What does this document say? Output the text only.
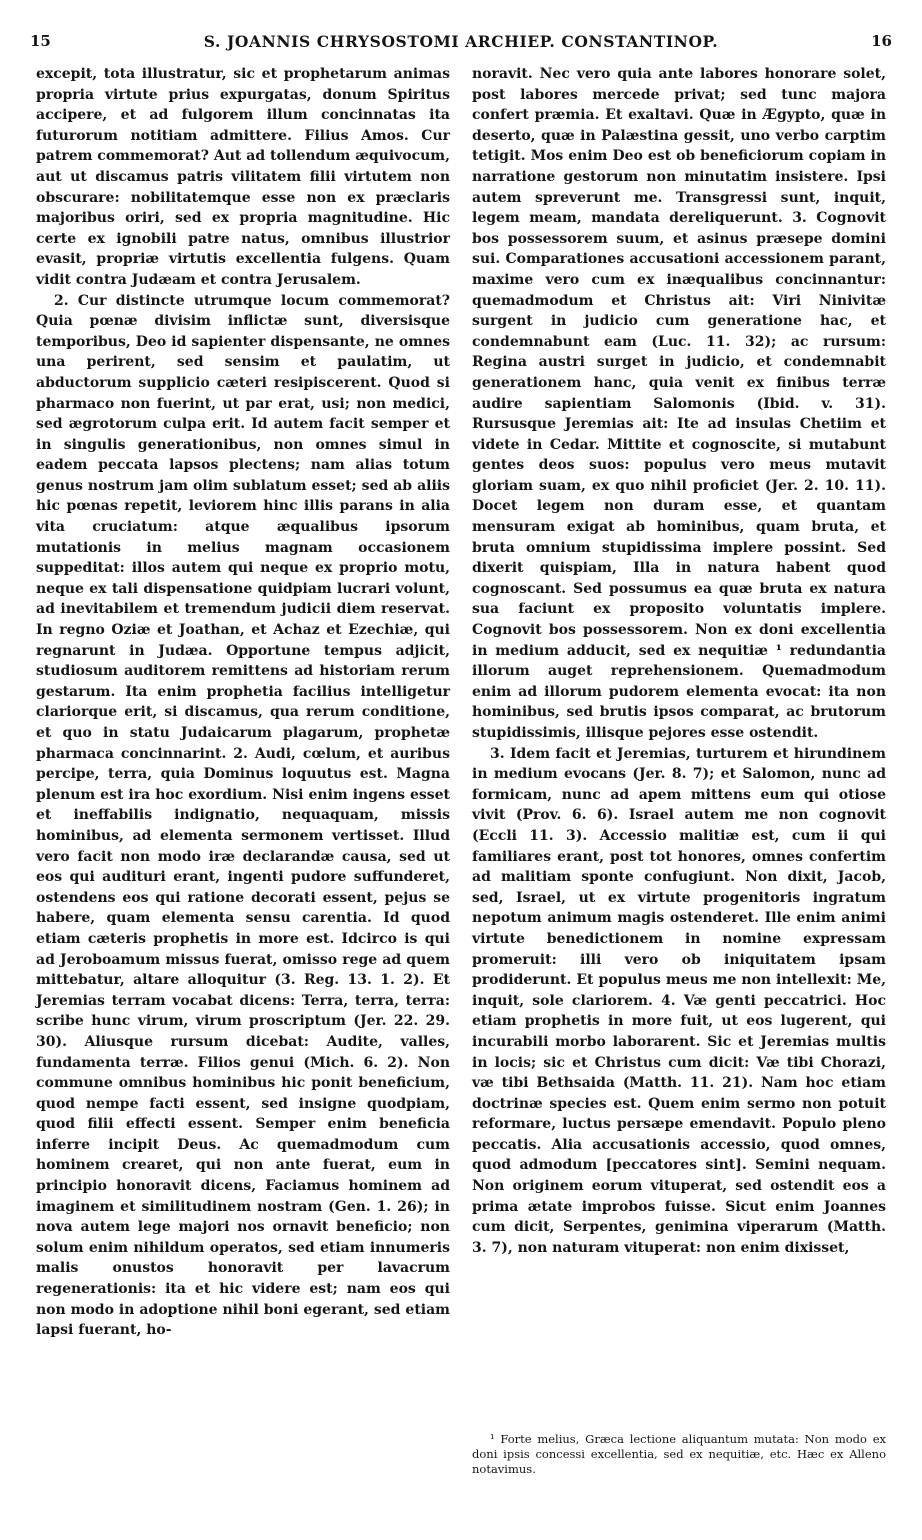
15	S. JOANNIS CHRYSOSTOMI ARCHIEP. CONSTANTINOP.	16

excepit, tota illustratur, sic et prophetarum animas propria virtute prius expurgatas, donum Spiritus accipere, et ad fulgorem illum concinnatas ita futurorum notitiam admittere. Filius Amos. Cur patrem commemorat? Aut ad tollendum æquivocum, aut ut discamus patris vilitatem filii virtutem non obscurare: nobilitatemque esse non ex præclaris majoribus oriri, sed ex propria magnitudine. Hic certe ex ignobili patre natus, omnibus illustrior evasit, propriæ virtutis excellentia fulgens. Quam vidit contra Judæam et contra Jerusalem.

2. Cur distincte utrumque locum commemorat? Quia pœnæ divisim inflictæ sunt, diversisque temporibus, Deo id sapienter dispensante, ne omnes una perirent, sed sensim et paulatim, ut abductorum supplicio cæteri resipiscerent. Quod si pharmaco non fuerint, ut par erat, usi; non medici, sed ægrotorum culpa erit. Id autem facit semper et in singulis generationibus, non omnes simul in eadem peccata lapsos plectens; nam alias totum genus nostrum jam olim sublatum esset; sed ab aliis hic pœnas repetit, leviorem hinc illis parans in alia vita cruciatum: atque æqualibus ipsorum mutationis in melius magnam occasionem suppeditat: illos autem qui neque ex proprio motu, neque ex tali dispensatione quidpiam lucrari volunt, ad inevitabilem et tremendum judicii diem reservat. In regno Oziæ et Joathan, et Achaz et Ezechiæ, qui regnarunt in Judæa. Opportune tempus adjicit, studiosum auditorem remittens ad historiam rerum gestarum. Ita enim prophetia facilius intelligetur clariorque erit, si discamus, qua rerum conditione, et quo in statu Judaicarum plagarum, prophetæ pharmaca concinnarint. 2. Audi, cœlum, et auribus percipe, terra, quia Dominus loquutus est. Magna plenum est ira hoc exordium. Nisi enim ingens esset et ineffabilis indignatio, nequaquam, missis hominibus, ad elementa sermonem vertisset. Illud vero facit non modo iræ declarandæ causa, sed ut eos qui audituri erant, ingenti pudore suffunderet, ostendens eos qui ratione decorati essent, pejus se habere, quam elementa sensu carentia. Id quod etiam cæteris prophetis in more est. Idcirco is qui ad Jeroboamum missus fuerat, omisso rege ad quem mittebatur, altare alloquitur (3. Reg. 13. 1. 2). Et Jeremias terram vocabat dicens: Terra, terra, terra: scribe hunc virum, virum proscriptum (Jer. 22. 29. 30). Aliusque rursum dicebat: Audite, valles, fundamenta terræ. Filios genui (Mich. 6. 2). Non commune omnibus hominibus hic ponit beneficium, quod nempe facti essent, sed insigne quodpiam, quod filii effecti essent. Semper enim beneficia inferre incipit Deus. Ac quemadmodum cum hominem crearet, qui non ante fuerat, eum in principio honoravit dicens, Faciamus hominem ad imaginem et similitudinem nostram (Gen. 1. 26); in nova autem lege majori nos ornavit beneficio; non solum enim nihildum operatos, sed etiam innumeris malis onustos honoravit per lavacrum regenerationis: ita et hic videre est; nam eos qui non modo in adoptione nihil boni egerant, sed etiam lapsi fuerant, ho-

noravit. Nec vero quia ante labores honorare solet, post labores mercede privat; sed tunc majora confert præmia. Et exaltavi. Quæ in Ægypto, quæ in deserto, quæ in Palæstina gessit, uno verbo carptim tetigit. Mos enim Deo est ob beneficiorum copiam in narratione gestorum non minutatim insistere. Ipsi autem spreverunt me. Transgressi sunt, inquit, legem meam, mandata dereliquerunt. 3. Cognovit bos possessorem suum, et asinus præsepe domini sui. Comparationes accusationi accessionem parant, maxime vero cum ex inæqualibus concinnantur: quemadmodum et Christus ait: Viri Ninivitæ surgent in judicio cum generatione hac, et condemnabunt eam (Luc. 11. 32); ac rursum: Regina austri surget in judicio, et condemnabit generationem hanc, quia venit ex finibus terræ audire sapientiam Salomonis (Ibid. v. 31). Rursusque Jeremias ait: Ite ad insulas Chetiim et videte in Cedar. Mittite et cognoscite, si mutabunt gentes deos suos: populus vero meus mutavit gloriam suam, ex quo nihil proficiet (Jer. 2. 10. 11). Docet legem non duram esse, et quantam mensuram exigat ab hominibus, quam bruta, et bruta omnium stupidissima implere possint. Sed dixerit quispiam, Illa in natura habent quod cognoscant. Sed possumus ea quæ bruta ex natura sua faciunt ex proposito voluntatis implere. Cognovit bos possessorem. Non ex doni excellentia in medium adducit, sed ex nequitiæ ¹ redundantia illorum auget reprehensionem. Quemadmodum enim ad illorum pudorem elementa evocat: ita non hominibus, sed brutis ipsos comparat, ac brutorum stupidissimis, illisque pejores esse ostendit.

3. Idem facit et Jeremias, turturem et hirundinem in medium evocans (Jer. 8. 7); et Salomon, nunc ad formicam, nunc ad apem mittens eum qui otiose vivit (Prov. 6. 6). Israel autem me non cognovit (Eccli 11. 3). Accessio malitiæ est, cum ii qui familiares erant, post tot honores, omnes confertim ad malitiam sponte confugiunt. Non dixit, Jacob, sed, Israel, ut ex virtute progenitoris ingratum nepotum animum magis ostenderet. Ille enim animi virtute benedictionem in nomine expressam promeruit: illi vero ob iniquitatem ipsam prodiderunt. Et populus meus me non intellexit: Me, inquit, sole clariorem. 4. Væ genti peccatrici. Hoc etiam prophetis in more fuit, ut eos lugerent, qui incurabili morbo laborarent. Sic et Jeremias multis in locis; sic et Christus cum dicit: Væ tibi Chorazi, væ tibi Bethsaida (Matth. 11. 21). Nam hoc etiam doctrinæ species est. Quem enim sermo non potuit reformare, luctus persæpe emendavit. Populo pleno peccatis. Alia accusationis accessio, quod omnes, quod admodum [peccatores sint]. Semini nequam. Non originem eorum vituperat, sed ostendit eos a prima ætate improbos fuisse. Sicut enim Joannes cum dicit, Serpentes, genimina viperarum (Matth. 3. 7), non naturam vituperat: non enim dixisset,

¹ Forte melius, Græca lectione aliquantum mutata: Non modo ex doni ipsis concessi excellentia, sed ex nequitiæ, etc. Hæc ex Alleno notavimus.
